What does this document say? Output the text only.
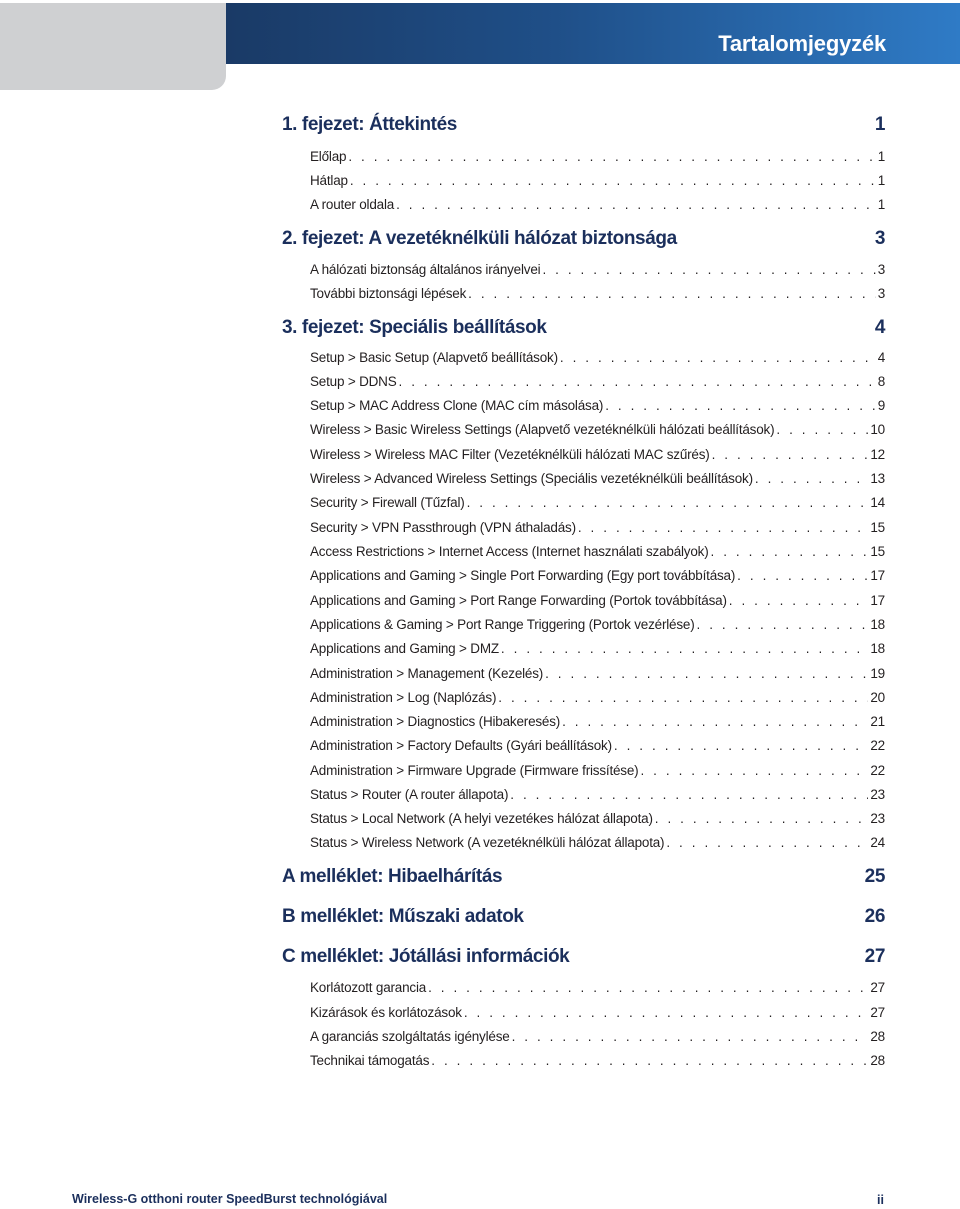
Tartalomjegyzék
1. fejezet: Áttekintés	1
Előlap . . .	1
Hátlap . . .	1
A router oldala . . .	1
2. fejezet: A vezetéknélküli hálózat biztonsága	3
A hálózati biztonság általános irányelvei . . .	3
További biztonsági lépések . . .	3
3. fejezet: Speciális beállítások	4
Setup > Basic Setup (Alapvető beállítások) . . .	4
Setup > DDNS . . .	8
Setup > MAC Address Clone (MAC cím másolása) . . .	9
Wireless > Basic Wireless Settings (Alapvető vezetéknélküli hálózati beállítások) . . .	10
Wireless > Wireless MAC Filter (Vezetéknélküli hálózati MAC szűrés) . . .	12
Wireless > Advanced Wireless Settings (Speciális vezetéknélküli beállítások) . . .	13
Security > Firewall (Tűzfal) . . .	14
Security > VPN Passthrough (VPN áthaladás) . . .	15
Access Restrictions > Internet Access (Internet használati szabályok) . . .	15
Applications and Gaming > Single Port Forwarding (Egy port továbbítása) . . .	17
Applications and Gaming > Port Range Forwarding (Portok továbbítása) . . .	17
Applications & Gaming > Port Range Triggering (Portok vezérlése) . . .	18
Applications and Gaming > DMZ . . .	18
Administration > Management (Kezelés) . . .	19
Administration > Log (Naplózás) . . .	20
Administration > Diagnostics (Hibakeresés) . . .	21
Administration > Factory Defaults (Gyári beállítások) . . .	22
Administration > Firmware Upgrade (Firmware frissítése) . . .	22
Status > Router (A router állapota) . . .	23
Status > Local Network (A helyi vezetékes hálózat állapota) . . .	23
Status > Wireless Network (A vezetéknélküli hálózat állapota) . . .	24
A melléklet: Hibaelhárítás	25
B melléklet: Műszaki adatok	26
C melléklet: Jótállási információk	27
Korlátozott garancia . . .	27
Kizárások és korlátozások . . .	27
A garanciás szolgáltatás igénylése . . .	28
Technikai támogatás . . .	28
Wireless-G otthoni router SpeedBurst technológiával	ii
